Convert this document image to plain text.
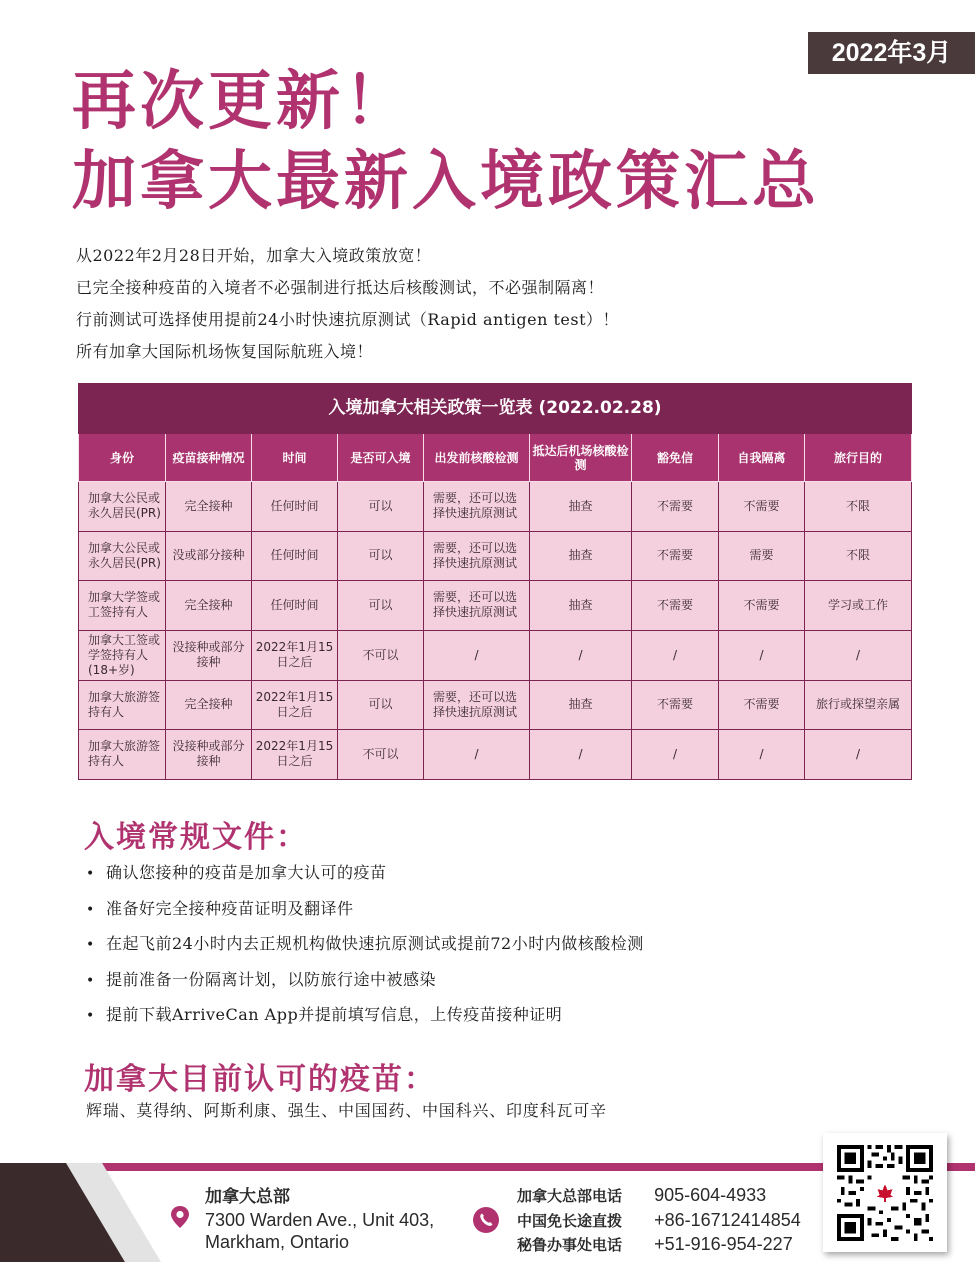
2022年3月
再次更新！
加拿大最新入境政策汇总

从2022年2月28日开始，加拿大入境政策放宽！

已完全接种疫苗的入境者不必强制进行抵达后核酸测试，不必强制隔离！

行前测试可选择使用提前24小时快速抗原测试（Rapid antigen test）！

所有加拿大国际机场恢复国际航班入境！

入境加拿大相关政策一览表 (2022.02.28)								
身份	疫苗接种情况	时间	是否可入境	出发前核酸检测	抵达后机场核酸检测	豁免信	自我隔离	旅行目的
加拿大公民或永久居民(PR)	完全接种	任何时间	可以	需要，还可以选择快速抗原测试	抽查	不需要	不需要	不限
加拿大公民或永久居民(PR)	没或部分接种	任何时间	可以	需要，还可以选择快速抗原测试	抽查	不需要	需要	不限
加拿大学签或工签持有人	完全接种	任何时间	可以	需要，还可以选择快速抗原测试	抽查	不需要	不需要	学习或工作
加拿大工签或学签持有人(18+岁)	没接种或部分接种	2022年1月15日之后	不可以	/	/	/	/	/
加拿大旅游签持有人	完全接种	2022年1月15日之后	可以	需要，还可以选择快速抗原测试	抽查	不需要	不需要	旅行或探望亲属
加拿大旅游签持有人	没接种或部分接种	2022年1月15日之后	不可以	/	/	/	/	/
入境常规文件：
• 确认您接种的疫苗是加拿大认可的疫苗
• 准备好完全接种疫苗证明及翻译件
• 在起飞前24小时内去正规机构做快速抗原测试或提前72小时内做核酸检测
• 提前准备一份隔离计划，以防旅行途中被感染
• 提前下载ArriveCan App并提前填写信息，上传疫苗接种证明
加拿大目前认可的疫苗：
辉瑞、莫得纳、阿斯利康、强生、中国国药、中国科兴、印度科瓦可辛
加拿大总部
7300 Warden Ave., Unit 403,
Markham, Ontario
加拿大总部电话 905-604-4933
中国免长途直拨 +86-16712414854
秘鲁办事处电话 +51-916-954-227
